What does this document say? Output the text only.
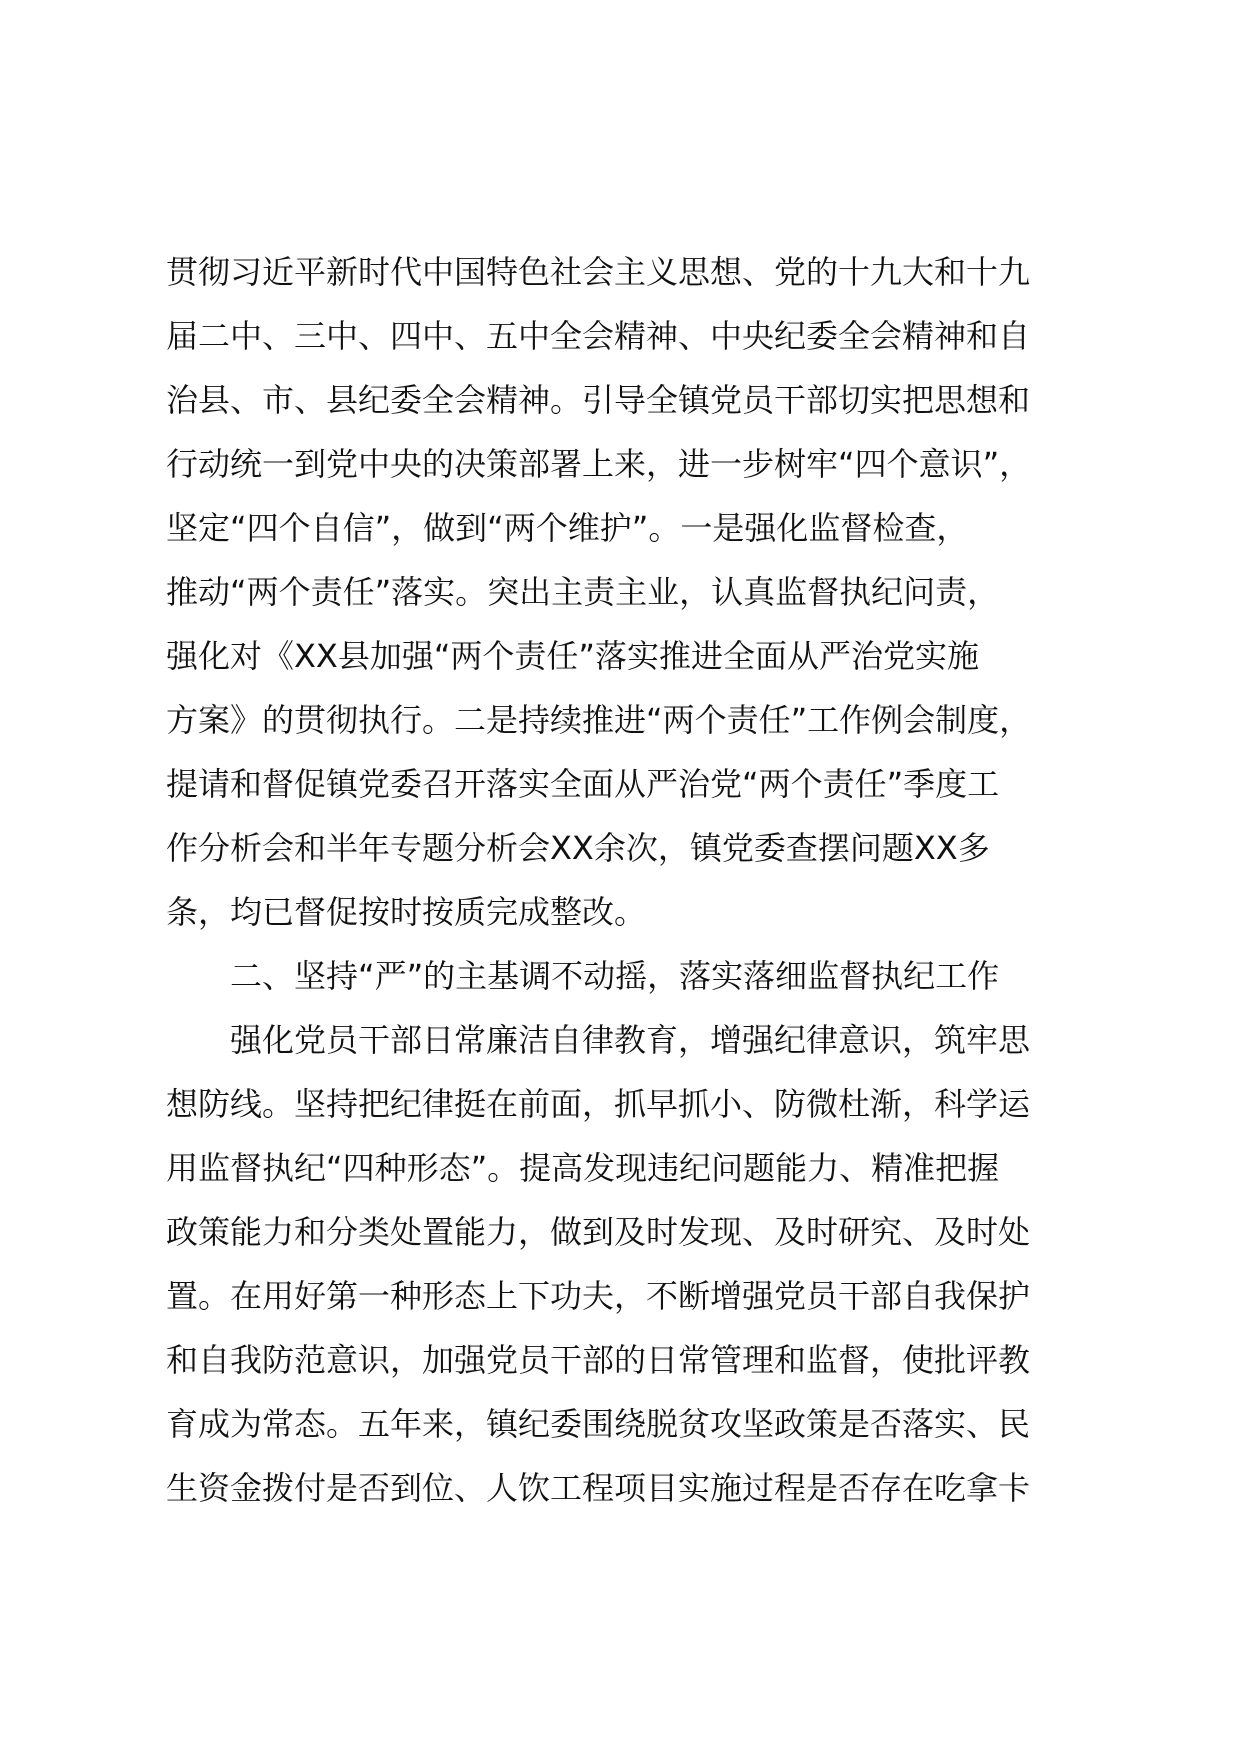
贯彻习近平新时代中国特色社会主义思想、党的十九大和十九
届二中、三中、四中、五中全会精神、中央纪委全会精神和自
治县、市、县纪委全会精神。引导全镇党员干部切实把思想和
行动统一到党中央的决策部署上来，进一步树牢“四个意识”，
坚定“四个自信”，做到“两个维护”。一是强化监督检查，
推动“两个责任”落实。突出主责主业，认真监督执纪问责，
强化对《XX县加强“两个责任”落实推进全面从严治党实施
方案》的贯彻执行。二是持续推进“两个责任”工作例会制度，
提请和督促镇党委召开落实全面从严治党“两个责任”季度工
作分析会和半年专题分析会XX余次，镇党委查摆问题XX多
条，均已督促按时按质完成整改。
二、坚持“严”的主基调不动摇，落实落细监督执纪工作
强化党员干部日常廉洁自律教育，增强纪律意识，筑牢思
想防线。坚持把纪律挺在前面，抓早抓小、防微杜渐，科学运
用监督执纪“四种形态”。提高发现违纪问题能力、精准把握
政策能力和分类处置能力，做到及时发现、及时研究、及时处
置。在用好第一种形态上下功夫，不断增强党员干部自我保护
和自我防范意识，加强党员干部的日常管理和监督，使批评教
育成为常态。五年来，镇纪委围绕脱贫攻坚政策是否落实、民
生资金拨付是否到位、人饮工程项目实施过程是否存在吃拿卡
